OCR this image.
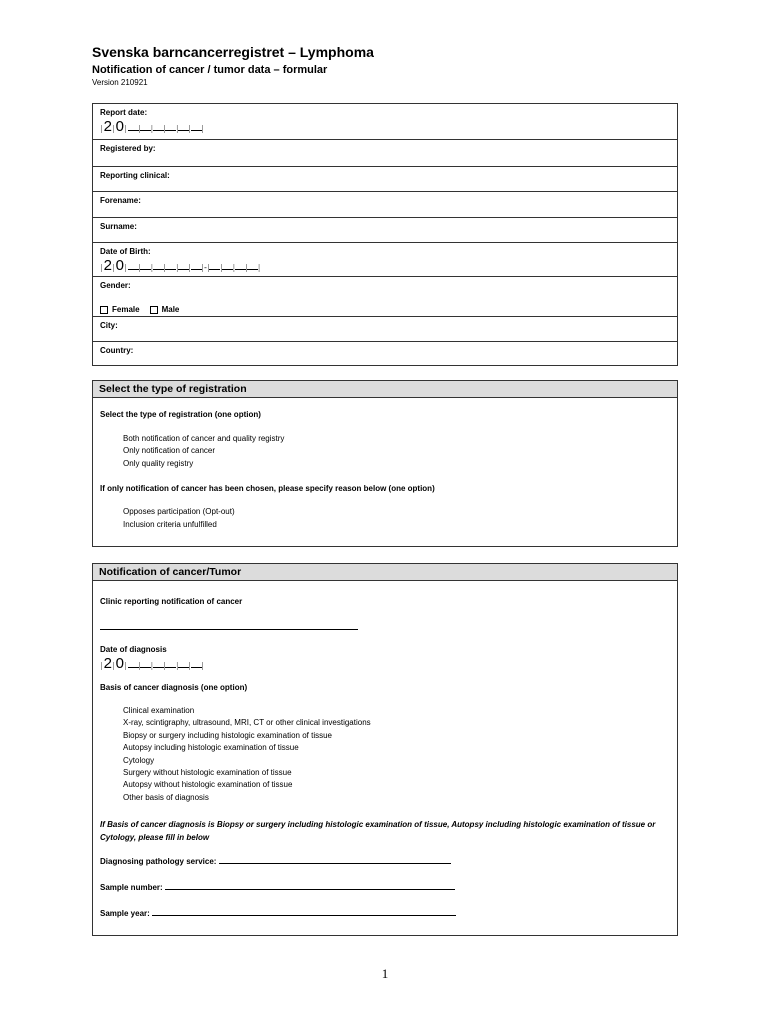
Svenska barncancerregistret – Lymphoma
Notification of cancer / tumor data – formular
Version 210921
Report date:
|2|0| | | | | | |
Registered by:
Reporting clinical:
Forename:
Surname:
Date of Birth:
|2|0| | | | | | |-| | | | |
Gender:
Female	Male
City:
Country:
Select the type of registration
Select the type of registration (one option)
Both notification of cancer and quality registry
Only notification of cancer
Only quality registry
If only notification of cancer has been chosen, please specify reason below (one option)
Opposes participation (Opt-out)
Inclusion criteria unfulfilled
Notification of cancer/Tumor
Clinic reporting notification of cancer
Date of diagnosis
|2|0| | | | | | |
Basis of cancer diagnosis (one option)
Clinical examination
X-ray, scintigraphy, ultrasound, MRI, CT or other clinical investigations
Biopsy or surgery including histologic examination of tissue
Autopsy including histologic examination of tissue
Cytology
Surgery without histologic examination of tissue
Autopsy without histologic examination of tissue
Other basis of diagnosis
If Basis of cancer diagnosis is Biopsy or surgery including histologic examination of tissue, Autopsy including histologic examination of tissue or Cytology, please fill in below
Diagnosing pathology service:
Sample number:
Sample year:
1
